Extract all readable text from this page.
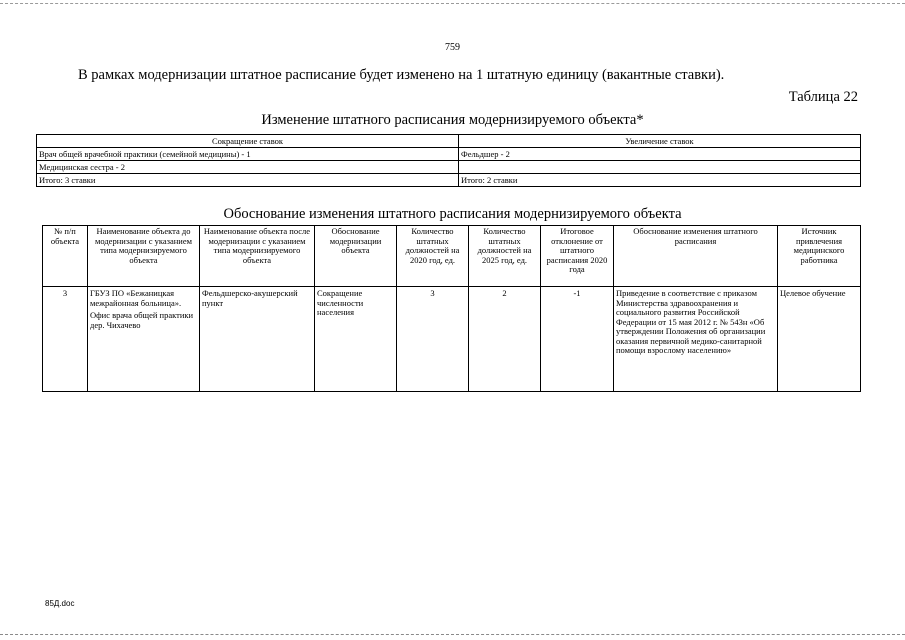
759
В рамках модернизации штатное расписание будет изменено на 1 штатную единицу (вакантные ставки).
Таблица 22
Изменение штатного расписания модернизируемого объекта*
Сокращение ставок	Увеличение ставок
Врач общей врачебной практики (семейной медицины) - 1	Фельдшер - 2
Медицинская сестра - 2	
Итого: 3 ставки	Итого: 2 ставки
Обоснование изменения штатного расписания модернизируемого объекта
№ п/п объекта	Наименование объекта до модернизации с указанием типа модернизируемого объекта	Наименование объекта после модернизации с указанием типа модернизируемого объекта	Обоснование модернизации объекта	Количество штатных должностей на 2020 год, ед.	Количество штатных должностей на 2025 год, ед.	Итоговое отклонение от штатного расписания 2020 года	Обоснование изменения штатного расписания	Источник привлечения медицинского работника
3	ГБУЗ ПО «Бежаницкая межрайонная больница».
Офис врача общей практики дер. Чихачево	Фельдшерско-акушерский пункт	Сокращение численности населения	3	2	-1	Приведение в соответствие с приказом Министерства здравоохранения и социального развития Российской Федерации от 15 мая 2012 г. № 543н «Об утверждении Положения об организации оказания первичной медико-санитарной помощи взрослому населению»	Целевое обучение
85Д.doc
